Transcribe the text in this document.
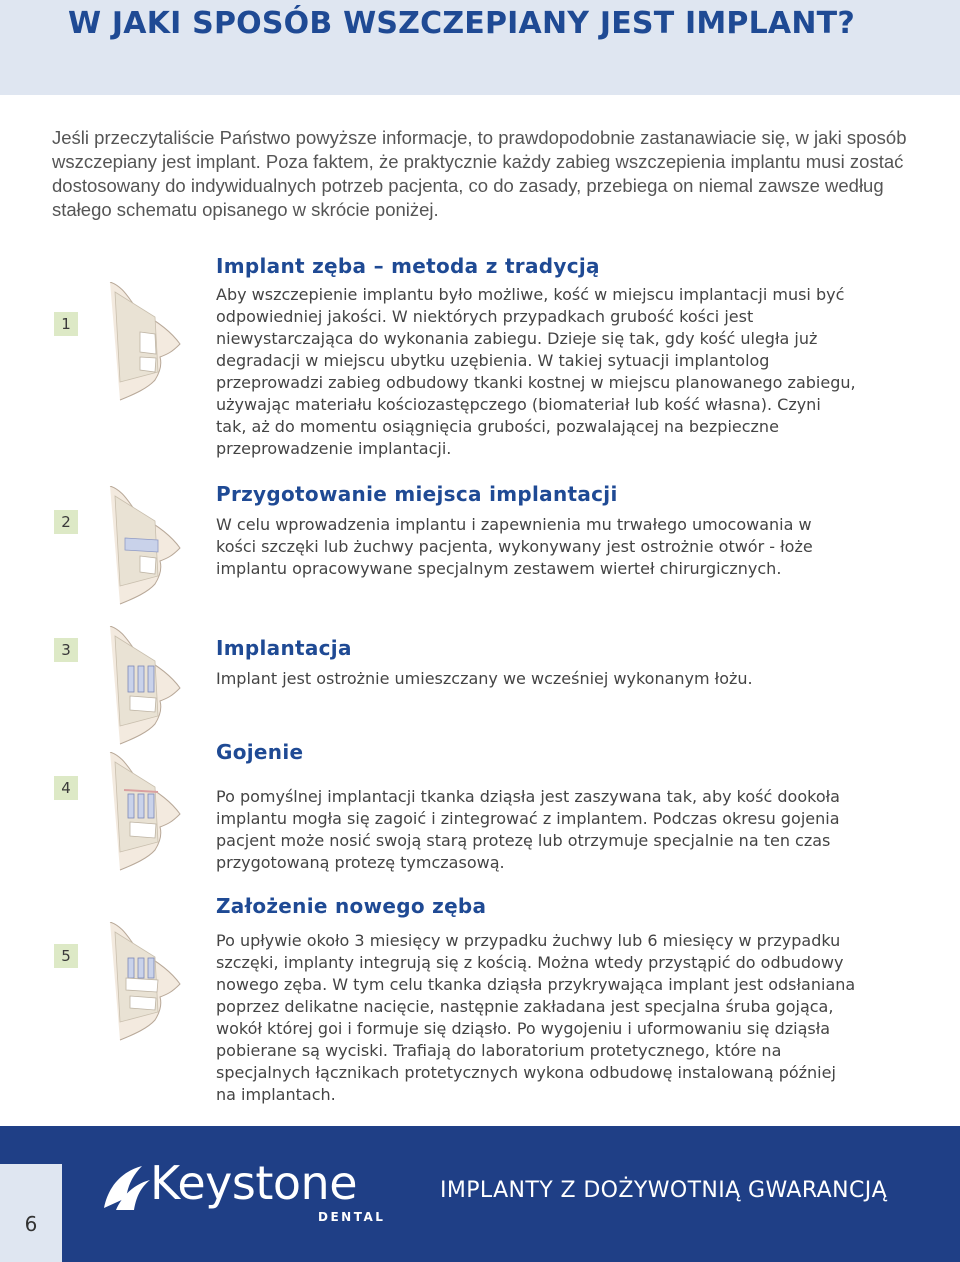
W JAKI SPOSÓB WSZCZEPIANY JEST IMPLANT?

Jeśli przeczytaliście Państwo powyższe informacje, to prawdopodobnie zastanawiacie się, w jaki sposób wszczepiany jest implant. Poza faktem, że praktycznie każdy zabieg wszczepienia implantu musi zostać dostosowany do indywidualnych potrzeb pacjenta, co do zasady, przebiega on niemal zawsze według stałego schematu opisanego w skrócie poniżej.

1
Implant zęba – metoda z tradycją

Aby wszczepienie implantu było możliwe, kość w miejscu implantacji musi być odpowiedniej jakości. W niektórych przypadkach grubość kości jest niewystarczająca do wykonania zabiegu. Dzieje się tak, gdy kość uległa już degradacji w miejscu ubytku uzębienia. W takiej sytuacji implantolog przeprowadzi zabieg odbudowy tkanki kostnej w miejscu planowanego zabiegu, używając materiału kościozastępczego (biomateriał lub kość własna). Czyni tak, aż do momentu osiągnięcia grubości, pozwalającej na bezpieczne przeprowadzenie implantacji.

2
Przygotowanie miejsca implantacji

W celu wprowadzenia implantu i zapewnienia mu trwałego umocowania w kości szczęki lub żuchwy pacjenta, wykonywany jest ostrożnie otwór - łoże implantu opracowywane specjalnym zestawem wierteł chirurgicznych.

3	Implantacja

Implant jest ostrożnie umieszczany we wcześniej wykonanym łożu.

4
Gojenie

Po pomyślnej implantacji tkanka dziąsła jest zaszywana tak, aby kość dookoła implantu mogła się zagoić i zintegrować z implantem. Podczas okresu gojenia pacjent może nosić swoją starą protezę lub otrzymuje specjalnie na ten czas przygotowaną protezę tymczasową.

5
Założenie nowego zęba

Po upływie około 3 miesięcy w przypadku żuchwy lub 6 miesięcy w przypadku szczęki, implanty integrują się z kością. Można wtedy przystąpić do odbudowy nowego zęba. W tym celu tkanka dziąsła przykrywająca implant jest odsłaniana poprzez delikatne nacięcie, następnie zakładana jest specjalna śruba gojąca, wokół której goi i formuje się dziąsło. Po wygojeniu i uformowaniu się dziąsła pobierane są wyciski. Trafiają do laboratorium protetycznego, które na specjalnych łącznikach protetycznych wykona odbudowę instalowaną później na implantach.

6
Keystone
DENTAL
IMPLANTY Z DOŻYWOTNIĄ GWARANCJĄ
